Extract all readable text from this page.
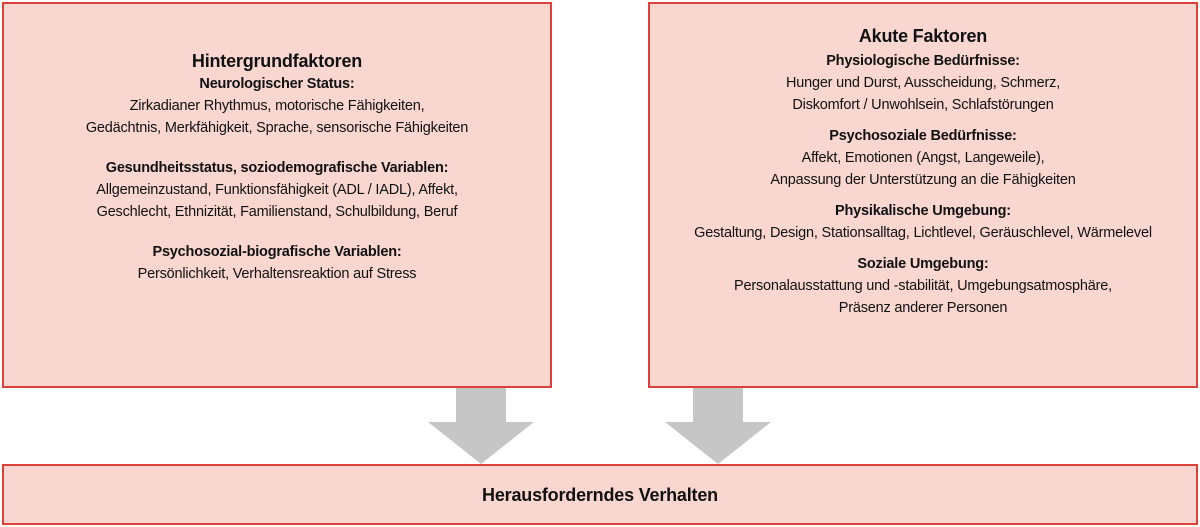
Hintergrundfaktoren
Neurologischer Status:
Zirkadianer Rhythmus, motorische Fähigkeiten,
Gedächtnis, Merkfähigkeit, Sprache, sensorische Fähigkeiten
Gesundheitsstatus, soziodemografische Variablen:
Allgemeinzustand, Funktionsfähigkeit (ADL / IADL), Affekt,
Geschlecht, Ethnizität, Familienstand, Schulbildung, Beruf
Psychosozial-biografische Variablen:
Persönlichkeit, Verhaltensreaktion auf Stress
Akute Faktoren
Physiologische Bedürfnisse:
Hunger und Durst, Ausscheidung, Schmerz,
Diskomfort / Unwohlsein, Schlafstörungen
Psychosoziale Bedürfnisse:
Affekt, Emotionen (Angst, Langeweile),
Anpassung der Unterstützung an die Fähigkeiten
Physikalische Umgebung:
Gestaltung, Design, Stationsalltag, Lichtlevel, Geräuschlevel, Wärmelevel
Soziale Umgebung:
Personalausstattung und -stabilität, Umgebungsatmosphäre,
Präsenz anderer Personen
Herausforderndes Verhalten
